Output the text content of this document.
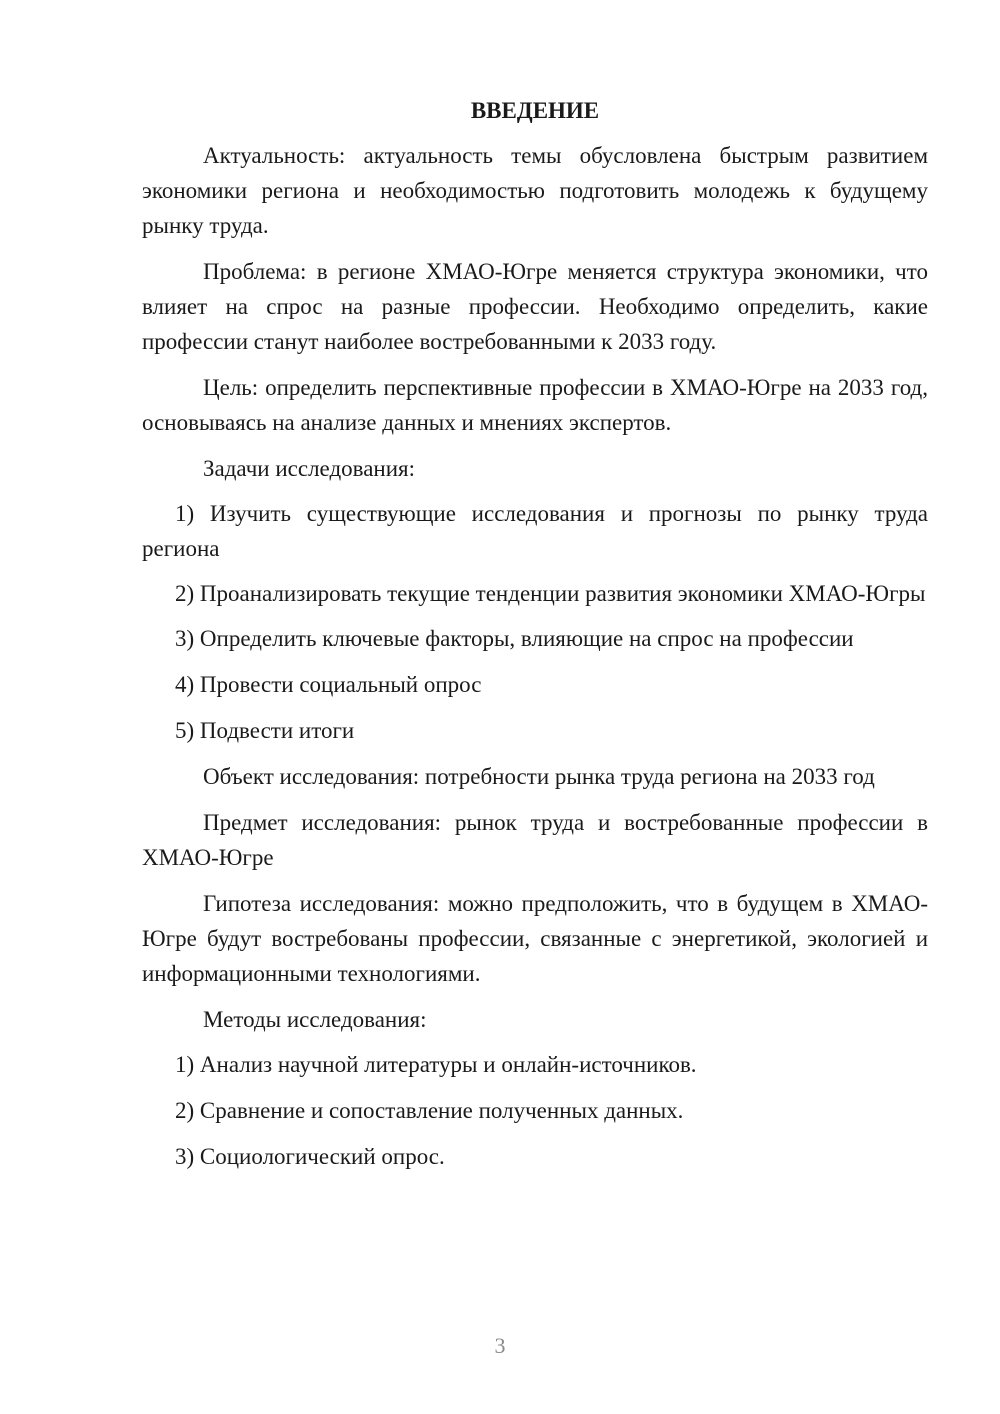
ВВЕДЕНИЕ

Актуальность: актуальность темы обусловлена быстрым развитием экономики региона и необходимостью подготовить молодежь к будущему рынку труда.

Проблема: в регионе ХМАО-Югре меняется структура экономики, что влияет на спрос на разные профессии. Необходимо определить, какие профессии станут наиболее востребованными к 2033 году.

Цель: определить перспективные профессии в ХМАО-Югре на 2033 год, основываясь на анализе данных и мнениях экспертов.

Задачи исследования:

1) Изучить существующие исследования и прогнозы по рынку труда региона

2) Проанализировать текущие тенденции развития экономики ХМАО-Югры

3) Определить ключевые факторы, влияющие на спрос на профессии

4) Провести социальный опрос

5) Подвести итоги

Объект исследования: потребности рынка труда региона на 2033 год

Предмет исследования: рынок труда и востребованные профессии в ХМАО-Югре

Гипотеза исследования: можно предположить, что в будущем в ХМАО-Югре будут востребованы профессии, связанные с энергетикой, экологией и информационными технологиями.

Методы исследования:

1) Анализ научной литературы и онлайн-источников.

2) Сравнение и сопоставление полученных данных.

3) Социологический опрос.

3
